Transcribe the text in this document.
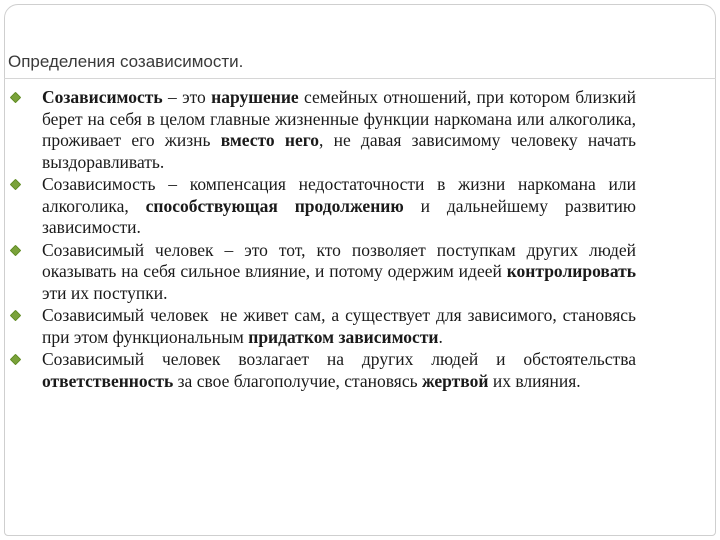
Определения созависимости.
Созависимость – это нарушение семейных отношений, при котором близкий берет на себя в целом главные жизненные функции наркомана или алкоголика, проживает его жизнь вместо него, не давая зависимому человеку начать выздоравливать.
Созависимость – компенсация недостаточности в жизни наркомана или алкоголика, способствующая продолжению и дальнейшему развитию зависимости.
Созависимый человек – это тот, кто позволяет поступкам других людей оказывать на себя сильное влияние, и потому одержим идеей контролировать эти их поступки.
Созависимый человек  не живет сам, а существует для зависимого, становясь при этом функциональным придатком зависимости.
Созависимый человек возлагает на других людей и обстоятельства ответственность за свое благополучие, становясь жертвой их влияния.
